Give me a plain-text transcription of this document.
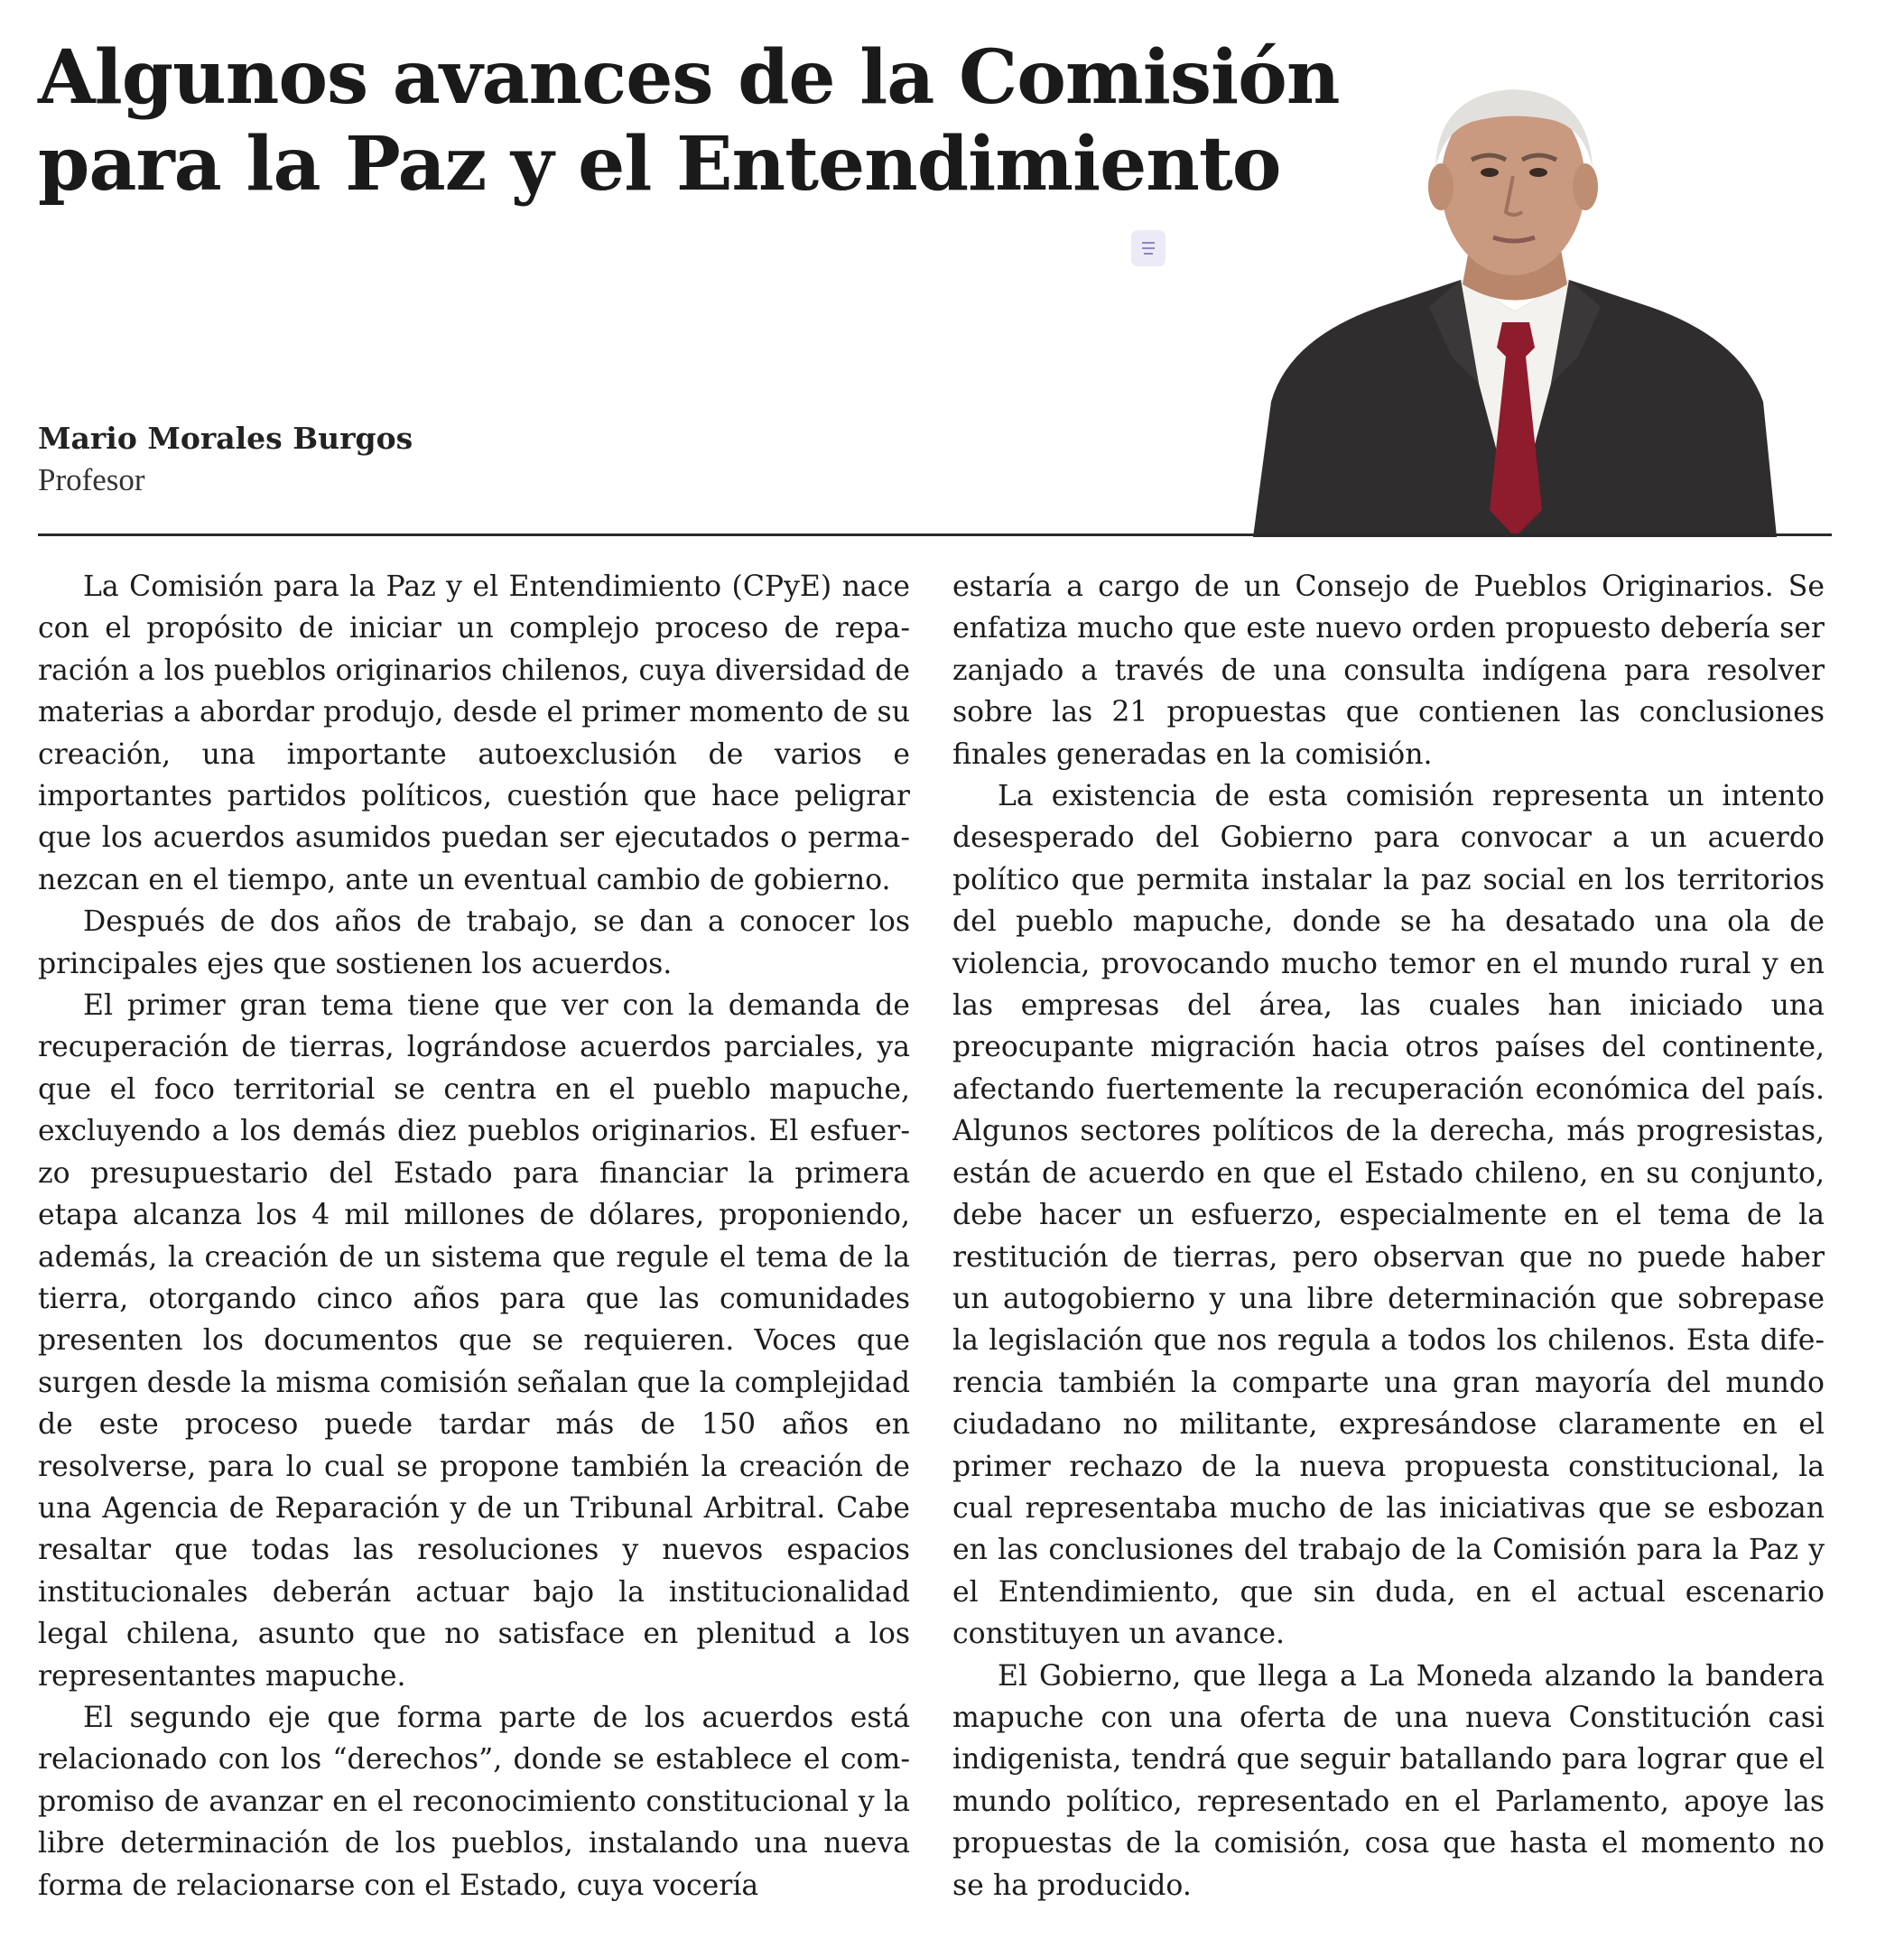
Algunos avances de la Comisión para la Paz y el Entendimiento
Mario Morales Burgos
Profesor

La Comisión para la Paz y el Entendimiento (CPyE) nace con el propósito de iniciar un complejo proceso de reparación a los pueblos originarios chilenos, cuya diversidad de materias a abordar produjo, desde el primer momento de su creación, una importante autoexclusión de varios e importantes partidos políticos, cuestión que hace peligrar que los acuerdos asumidos puedan ser ejecutados o permanezcan en el tiempo, ante un eventual cambio de gobierno.

Después de dos años de trabajo, se dan a conocer los principales ejes que sostienen los acuerdos.

El primer gran tema tiene que ver con la demanda de recuperación de tierras, lográndose acuerdos parciales, ya que el foco territorial se centra en el pueblo mapuche, excluyendo a los demás diez pueblos originarios. El esfuerzo presupuestario del Estado para financiar la primera etapa alcanza los 4 mil millones de dólares, proponiendo, además, la creación de un sistema que regule el tema de la tierra, otorgando cinco años para que las comunidades presenten los documentos que se requieren. Voces que surgen desde la misma comisión señalan que la complejidad de este proceso puede tardar más de 150 años en resolverse, para lo cual se propone también la creación de una Agencia de Reparación y de un Tribunal Arbitral. Cabe resaltar que todas las resoluciones y nuevos espacios institucionales deberán actuar bajo la institucionalidad legal chilena, asunto que no satisface en plenitud a los representantes mapuche.

El segundo eje que forma parte de los acuerdos está relacionado con los “derechos”, donde se establece el compromiso de avanzar en el reconocimiento constitucional y la libre determinación de los pueblos, instalando una nueva forma de relacionarse con el Estado, cuya vocería

estaría a cargo de un Consejo de Pueblos Originarios. Se enfatiza mucho que este nuevo orden propuesto debería ser zanjado a través de una consulta indígena para resolver sobre las 21 propuestas que contienen las conclusiones finales generadas en la comisión.

La existencia de esta comisión representa un intento desesperado del Gobierno para convocar a un acuerdo político que permita instalar la paz social en los territorios del pueblo mapuche, donde se ha desatado una ola de violencia, provocando mucho temor en el mundo rural y en las empresas del área, las cuales han iniciado una preocupante migración hacia otros países del continente, afectando fuertemente la recuperación económica del país. Algunos sectores políticos de la derecha, más progresistas, están de acuerdo en que el Estado chileno, en su conjunto, debe hacer un esfuerzo, especialmente en el tema de la restitución de tierras, pero observan que no puede haber un autogobierno y una libre determinación que sobrepase la legislación que nos regula a todos los chilenos. Esta diferencia también la comparte una gran mayoría del mundo ciudadano no militante, expresándose claramente en el primer rechazo de la nueva propuesta constitucional, la cual representaba mucho de las iniciativas que se esbozan en las conclusiones del trabajo de la Comisión para la Paz y el Entendimiento, que sin duda, en el actual escenario constituyen un avance.

El Gobierno, que llega a La Moneda alzando la bandera mapuche con una oferta de una nueva Constitución casi indigenista, tendrá que seguir batallando para lograr que el mundo político, representado en el Parlamento, apoye las propuestas de la comisión, cosa que hasta el momento no se ha producido.
